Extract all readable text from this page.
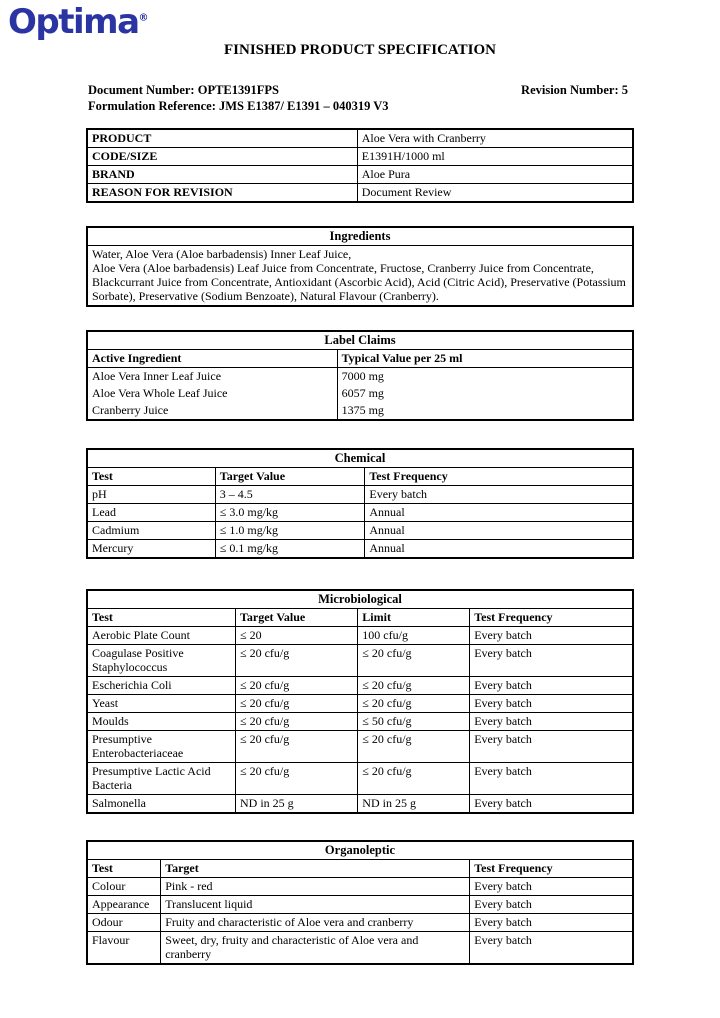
Optima®
FINISHED PRODUCT SPECIFICATION
Document Number: OPTE1391FPS	Revision Number: 5
Formulation Reference: JMS E1387/ E1391 – 040319 V3
PRODUCT	Aloe Vera with Cranberry
CODE/SIZE	E1391H/1000 ml
BRAND	Aloe Pura
REASON FOR REVISION	Document Review
Ingredients

Water, Aloe Vera (Aloe barbadensis) Inner Leaf Juice,
Aloe Vera (Aloe barbadensis) Leaf Juice from Concentrate, Fructose, Cranberry Juice from Concentrate, Blackcurrant Juice from Concentrate, Antioxidant (Ascorbic Acid), Acid (Citric Acid), Preservative (Potassium Sorbate), Preservative (Sodium Benzoate), Natural Flavour (Cranberry).
Label Claims	
Active Ingredient	Typical Value per 25 ml
Aloe Vera Inner Leaf Juice	7000 mg
Aloe Vera Whole Leaf Juice	6057 mg
Cranberry Juice	1375 mg
Chemical		
Test	Target Value	Test Frequency
pH	3 – 4.5	Every batch
Lead	≤ 3.0 mg/kg	Annual
Cadmium	≤ 1.0 mg/kg	Annual
Mercury	≤ 0.1 mg/kg	Annual
Microbiological			
Test	Target Value	Limit	Test Frequency
Aerobic Plate Count	≤ 20	100 cfu/g	Every batch
Coagulase Positive Staphylococcus	≤ 20 cfu/g	≤ 20 cfu/g	Every batch
Escherichia Coli	≤ 20 cfu/g	≤ 20 cfu/g	Every batch
Yeast	≤ 20 cfu/g	≤ 20 cfu/g	Every batch
Moulds	≤ 20 cfu/g	≤ 50 cfu/g	Every batch
Presumptive Enterobacteriaceae	≤ 20 cfu/g	≤ 20 cfu/g	Every batch
Presumptive Lactic Acid Bacteria	≤ 20 cfu/g	≤ 20 cfu/g	Every batch
Salmonella	ND in 25 g	ND in 25 g	Every batch
Organoleptic		
Test	Target	Test Frequency
Colour	Pink - red	Every batch
Appearance	Translucent liquid	Every batch
Odour	Fruity and characteristic of Aloe vera and cranberry	Every batch
Flavour	Sweet, dry, fruity and characteristic of Aloe vera and cranberry	Every batch
